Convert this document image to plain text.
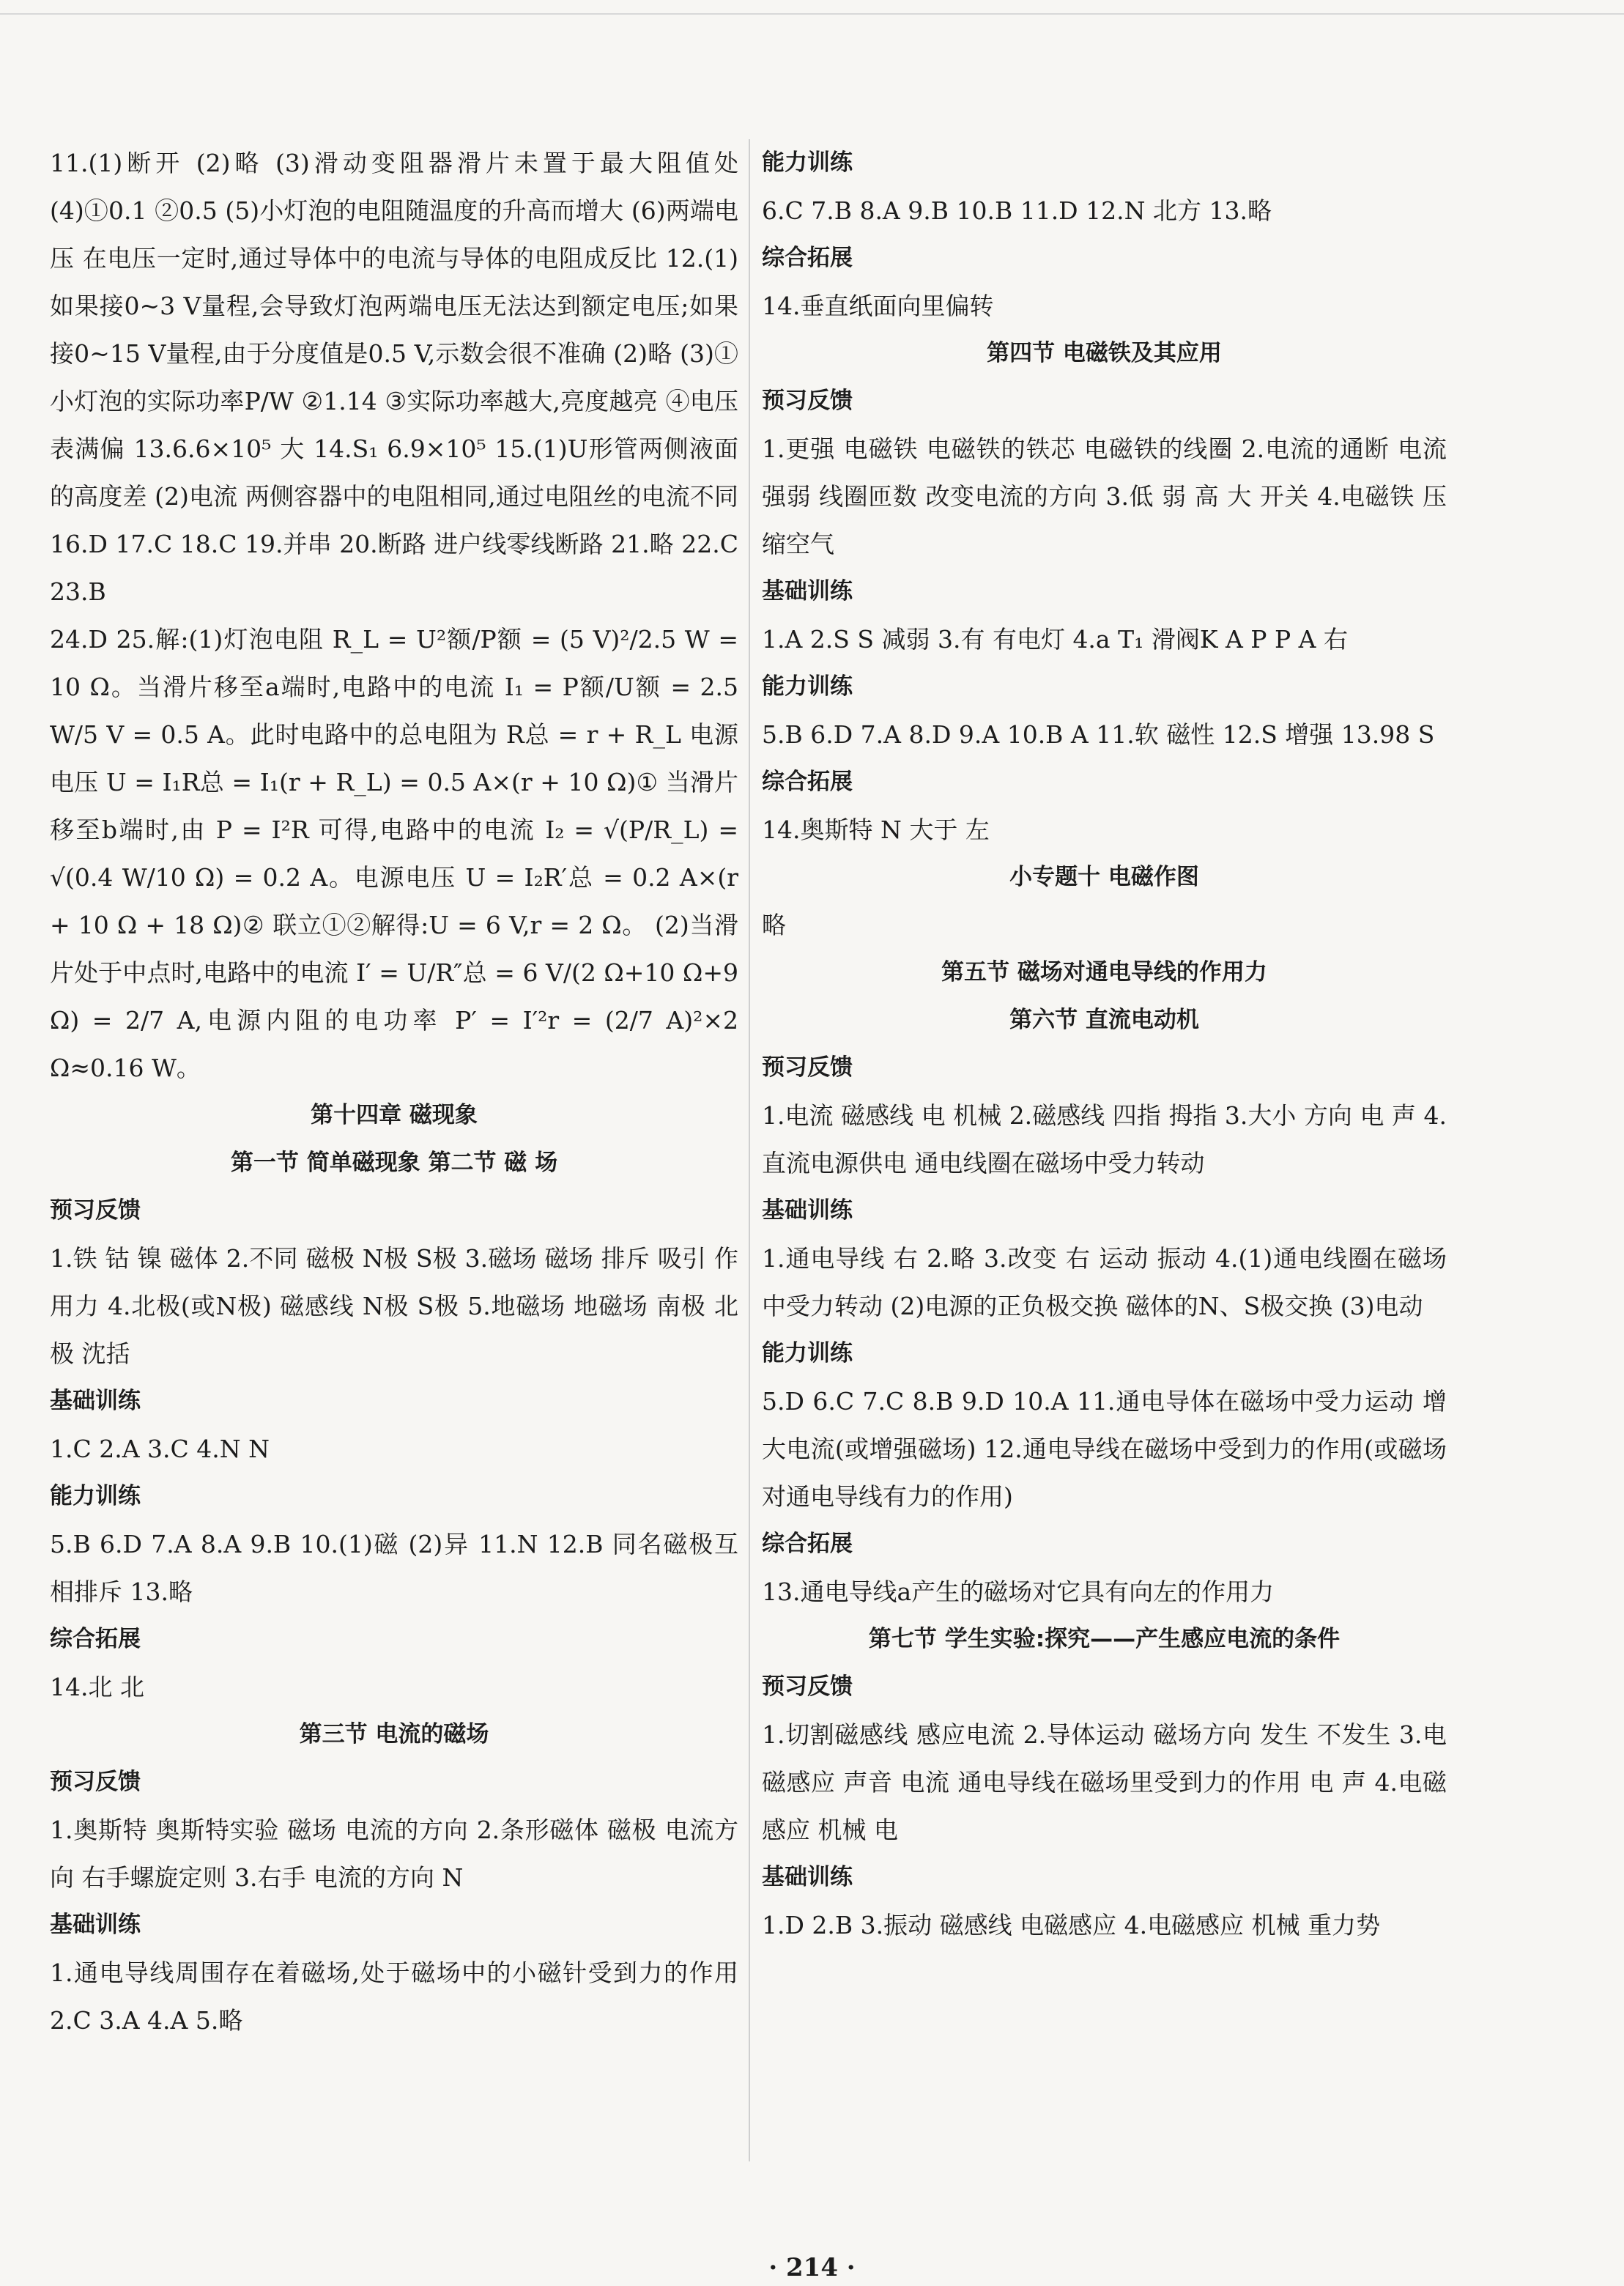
11.(1)断开 (2)略 (3)滑动变阻器滑片未置于最大阻值处 (4)①0.1 ②0.5 (5)小灯泡的电阻随温度的升高而增大 (6)两端电压 在电压一定时,通过导体中的电流与导体的电阻成反比 12.(1)如果接0~3 V量程,会导致灯泡两端电压无法达到额定电压;如果接0~15 V量程,由于分度值是0.5 V,示数会很不准确 (2)略 (3)①小灯泡的实际功率P/W ②1.14 ③实际功率越大,亮度越亮 ④电压表满偏 13.6.6×10⁵ 大 14.S₁ 6.9×10⁵ 15.(1)U形管两侧液面的高度差 (2)电流 两侧容器中的电阻相同,通过电阻丝的电流不同 16.D 17.C 18.C 19.并串 20.断路 进户线零线断路 21.略 22.C 23.B

24.D 25.解:(1)灯泡电阻 R_L = U²额/P额 = (5 V)²/2.5 W = 10 Ω。当滑片移至a端时,电路中的电流 I₁ = P额/U额 = 2.5 W/5 V = 0.5 A。此时电路中的总电阻为 R总 = r + R_L 电源电压 U = I₁R总 = I₁(r + R_L) = 0.5 A×(r + 10 Ω)① 当滑片移至b端时,由 P = I²R 可得,电路中的电流 I₂ = √(P/R_L) = √(0.4 W/10 Ω) = 0.2 A。电源电压 U = I₂R′总 = 0.2 A×(r + 10 Ω + 18 Ω)② 联立①②解得:U = 6 V,r = 2 Ω。 (2)当滑片处于中点时,电路中的电流 I′ = U/R″总 = 6 V/(2 Ω+10 Ω+9 Ω) = 2/7 A,电源内阻的电功率 P′ = I′²r = (2/7 A)²×2 Ω≈0.16 W。

第十四章 磁现象

第一节 简单磁现象 第二节 磁 场

预习反馈

1.铁 钴 镍 磁体 2.不同 磁极 N极 S极 3.磁场 磁场 排斥 吸引 作用力 4.北极(或N极) 磁感线 N极 S极 5.地磁场 地磁场 南极 北极 沈括

基础训练

1.C 2.A 3.C 4.N N

能力训练

5.B 6.D 7.A 8.A 9.B 10.(1)磁 (2)异 11.N 12.B 同名磁极互相排斥 13.略

综合拓展

14.北 北

第三节 电流的磁场

预习反馈

1.奥斯特 奥斯特实验 磁场 电流的方向 2.条形磁体 磁极 电流方向 右手螺旋定则 3.右手 电流的方向 N

基础训练

1.通电导线周围存在着磁场,处于磁场中的小磁针受到力的作用 2.C 3.A 4.A 5.略

能力训练

6.C 7.B 8.A 9.B 10.B 11.D 12.N 北方 13.略

综合拓展

14.垂直纸面向里偏转

第四节 电磁铁及其应用

预习反馈

1.更强 电磁铁 电磁铁的铁芯 电磁铁的线圈 2.电流的通断 电流强弱 线圈匝数 改变电流的方向 3.低 弱 高 大 开关 4.电磁铁 压缩空气

基础训练

1.A 2.S S 减弱 3.有 有电灯 4.a T₁ 滑阀K A P P A 右

能力训练

5.B 6.D 7.A 8.D 9.A 10.B A 11.软 磁性 12.S 增强 13.98 S

综合拓展

14.奥斯特 N 大于 左

小专题十 电磁作图

略

第五节 磁场对通电导线的作用力

第六节 直流电动机

预习反馈

1.电流 磁感线 电 机械 2.磁感线 四指 拇指 3.大小 方向 电 声 4.直流电源供电 通电线圈在磁场中受力转动

基础训练

1.通电导线 右 2.略 3.改变 右 运动 振动 4.(1)通电线圈在磁场中受力转动 (2)电源的正负极交换 磁体的N、S极交换 (3)电动

能力训练

5.D 6.C 7.C 8.B 9.D 10.A 11.通电导体在磁场中受力运动 增大电流(或增强磁场) 12.通电导线在磁场中受到力的作用(或磁场对通电导线有力的作用)

综合拓展

13.通电导线a产生的磁场对它具有向左的作用力

第七节 学生实验:探究——产生感应电流的条件

预习反馈

1.切割磁感线 感应电流 2.导体运动 磁场方向 发生 不发生 3.电磁感应 声音 电流 通电导线在磁场里受到力的作用 电 声 4.电磁感应 机械 电

基础训练

1.D 2.B 3.振动 磁感线 电磁感应 4.电磁感应 机械 重力势

· 214 ·
